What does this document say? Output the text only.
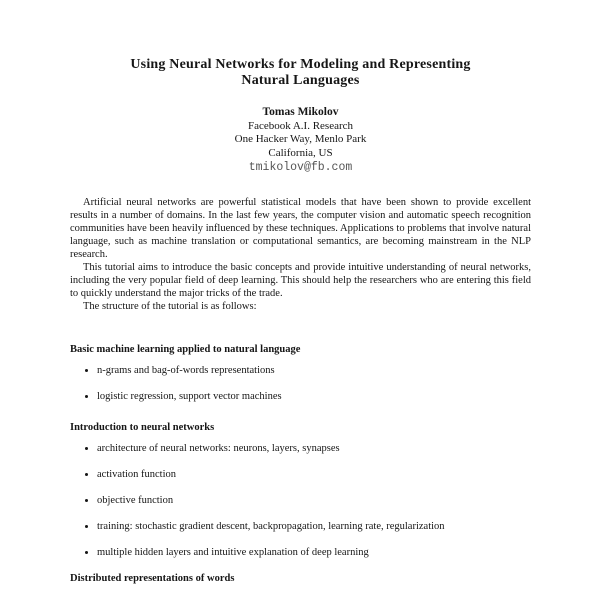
Using Neural Networks for Modeling and Representing
Natural Languages
Tomas Mikolov
Facebook A.I. Research
One Hacker Way, Menlo Park
California, US
tmikolov@fb.com

Artificial neural networks are powerful statistical models that have been shown to provide excellent results in a number of domains. In the last few years, the computer vision and automatic speech recognition communities have been heavily influenced by these techniques. Applications to problems that involve natural language, such as machine translation or computational semantics, are becoming mainstream in the NLP research.

This tutorial aims to introduce the basic concepts and provide intuitive understanding of neural networks, including the very popular field of deep learning. This should help the researchers who are entering this field to quickly understand the major tricks of the trade.

The structure of the tutorial is as follows:

Basic machine learning applied to natural language
• n-grams and bag-of-words representations
• logistic regression, support vector machines
Introduction to neural networks
• architecture of neural networks: neurons, layers, synapses
• activation function
• objective function
• training: stochastic gradient descent, backpropagation, learning rate, regularization
• multiple hidden layers and intuitive explanation of deep learning
Distributed representations of words
